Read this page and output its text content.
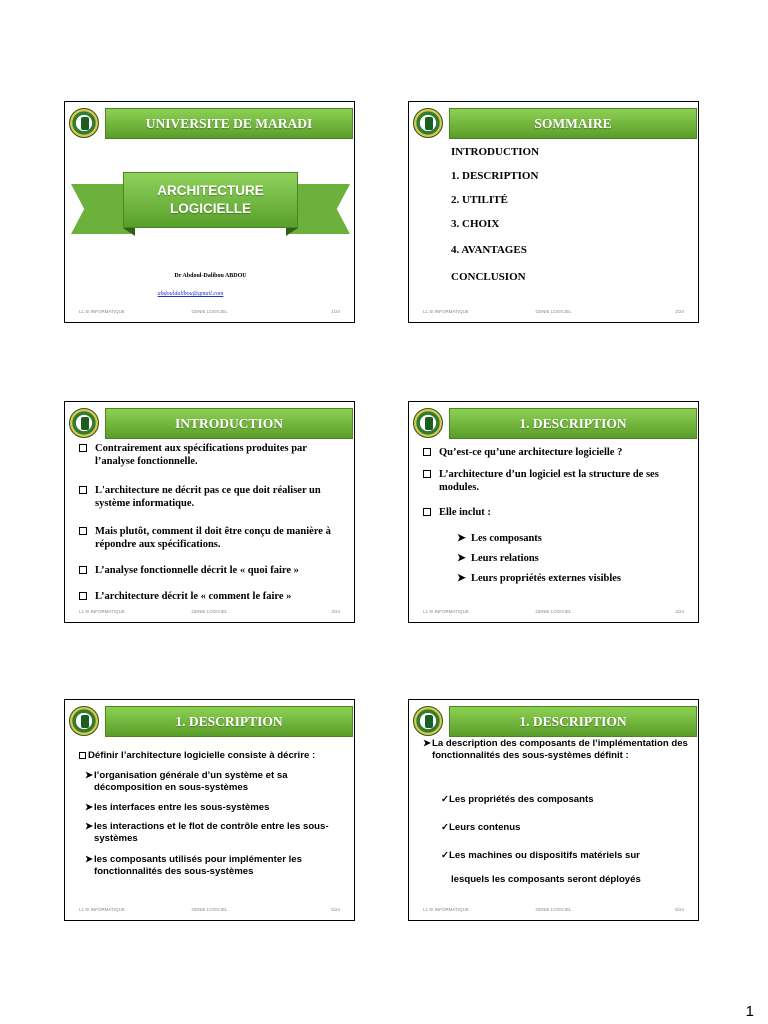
UNIVERSITE DE MARADI
ARCHITECTURE
LOGICIELLE
Dr Abdoul-Dalibou ABDOU
abdouldalibou@gmail.com
L1 SI INFORMATIQUE	GENIE LOGICIEL	1/24
SOMMAIRE
INTRODUCTION
1. DESCRIPTION
2. UTILITÉ
3. CHOIX
4. AVANTAGES
CONCLUSION
L1 SI INFORMATIQUE	GENIE LOGICIEL	2/24
INTRODUCTION
Contrairement aux spécifications produites par l’analyse fonctionnelle.
L'architecture ne décrit pas ce que doit réaliser un système informatique.
Mais plutôt, comment il doit être conçu de manière à répondre aux spécifications.
L’analyse fonctionnelle décrit le « quoi faire »
L’architecture décrit le « comment le faire »
L1 SI INFORMATIQUE	GENIE LOGICIEL	3/24
1. DESCRIPTION
Qu’est-ce qu’une architecture logicielle ?
L’architecture d’un logiciel est la structure de ses modules.
Elle inclut :
➤ Les composants
➤ Leurs relations
➤ Leurs propriétés externes visibles
L1 SI INFORMATIQUE	GENIE LOGICIEL	4/24
1. DESCRIPTION
Définir l’architecture logicielle consiste à décrire :
➤ l’organisation générale d’un système et sa décomposition en sous-systèmes
➤ les interfaces entre les sous-systèmes
➤ les interactions et le flot de contrôle entre les sous-systèmes
➤ les composants utilisés pour implémenter les fonctionnalités des sous-systèmes
L1 SI INFORMATIQUE	GENIE LOGICIEL	5/24
1. DESCRIPTION
➤ La description des composants de l’implémentation des fonctionnalités des sous-systèmes définit :
✓Les propriétés des composants
✓Leurs contenus
✓Les machines ou dispositifs matériels sur
lesquels les composants seront déployés
L1 SI INFORMATIQUE	GENIE LOGICIEL	6/24
1
